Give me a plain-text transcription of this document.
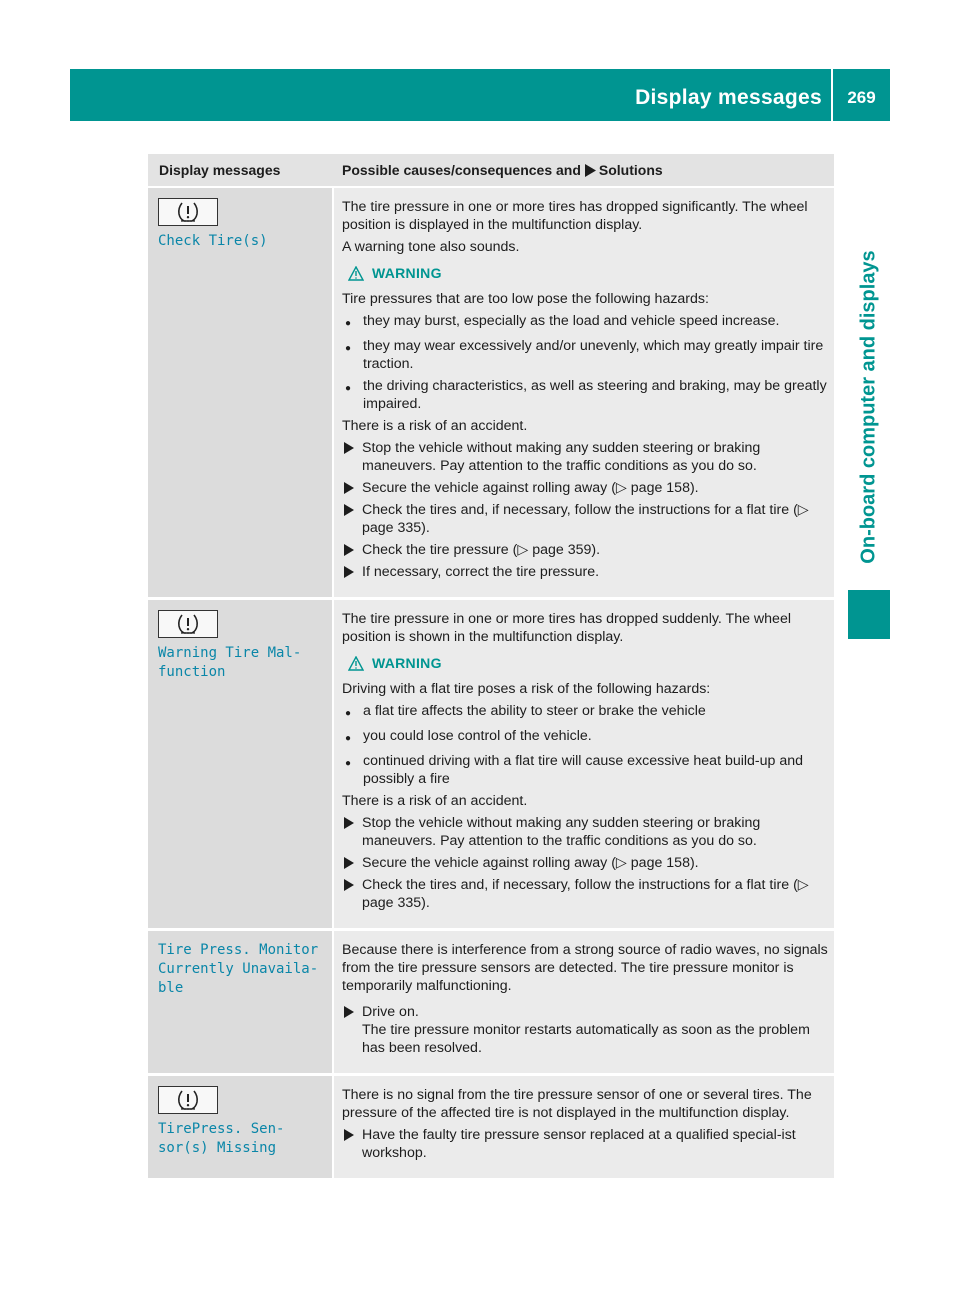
Display messages	269
On-board computer and displays
Display messages	Possible causes/consequences and Solutions
Check Tire(s)

The tire pressure in one or more tires has dropped significantly. The wheel position is displayed in the multifunction display.

A warning tone also sounds.

WARNING

Tire pressures that are too low pose the following hazards:

● they may burst, especially as the load and vehicle speed increase.
● they may wear excessively and/or unevenly, which may greatly impair tire traction.
● the driving characteristics, as well as steering and braking, may be greatly impaired.

There is a risk of an accident.

Stop the vehicle without making any sudden steering or braking maneuvers. Pay attention to the traffic conditions as you do so.
Secure the vehicle against rolling away (▷ page 158).
Check the tires and, if necessary, follow the instructions for a flat tire (▷ page 335).
Check the tire pressure (▷ page 359).
If necessary, correct the tire pressure.
Warning Tire Mal‐
function

The tire pressure in one or more tires has dropped suddenly. The wheel position is shown in the multifunction display.

WARNING

Driving with a flat tire poses a risk of the following hazards:

● a flat tire affects the ability to steer or brake the vehicle
● you could lose control of the vehicle.
● continued driving with a flat tire will cause excessive heat build-up and possibly a fire

There is a risk of an accident.

Stop the vehicle without making any sudden steering or braking maneuvers. Pay attention to the traffic conditions as you do so.
Secure the vehicle against rolling away (▷ page 158).
Check the tires and, if necessary, follow the instructions for a flat tire (▷ page 335).
Tire Press. Monitor
Currently Unavaila‐
ble

Because there is interference from a strong source of radio waves, no signals from the tire pressure sensors are detected. The tire pressure monitor is temporarily malfunctioning.

Drive on.
The tire pressure monitor restarts automatically as soon as the problem has been resolved.
TirePress. Sen‐
sor(s) Missing

There is no signal from the tire pressure sensor of one or several tires. The pressure of the affected tire is not displayed in the multifunction display.

Have the faulty tire pressure sensor replaced at a qualified special-ist workshop.
